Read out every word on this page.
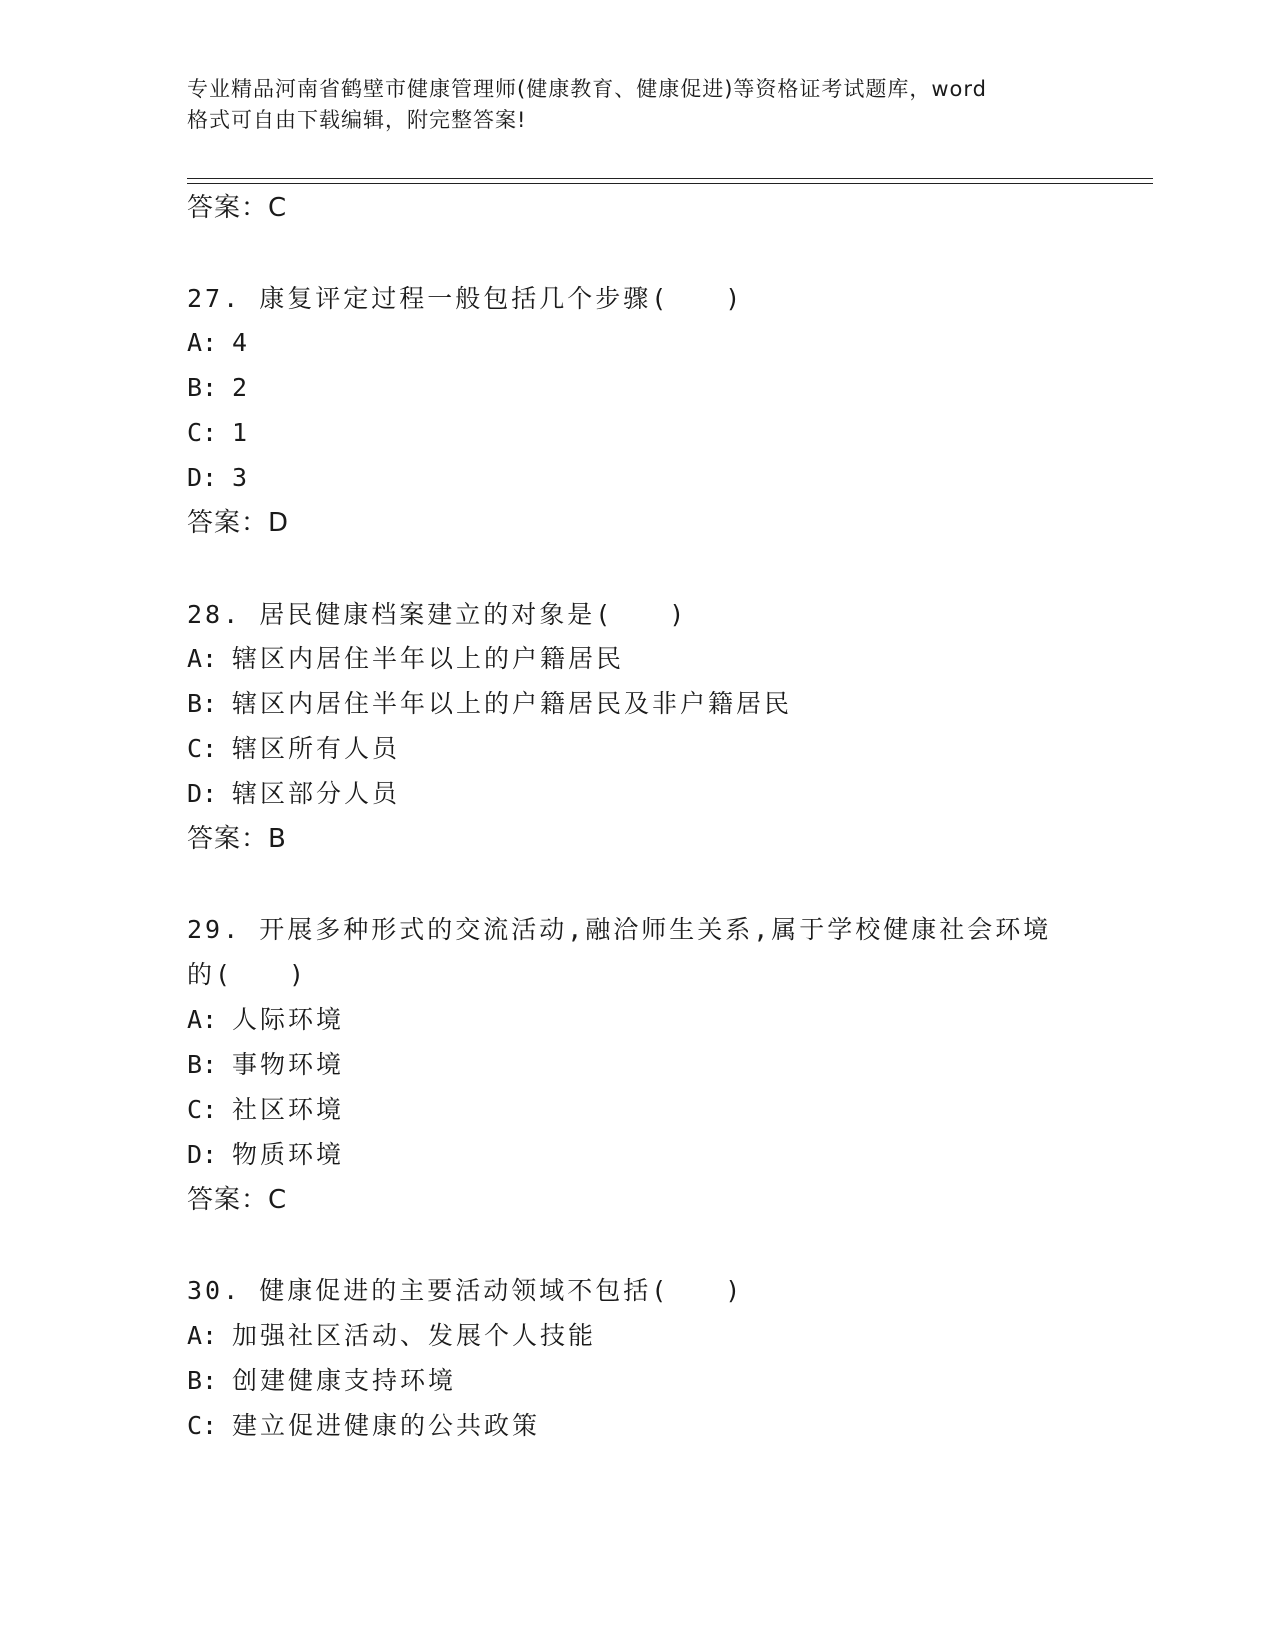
专业精品河南省鹤壁市健康管理师(健康教育、健康促进)等资格证考试题库，word
格式可自由下载编辑，附完整答案!
答案：C
27. 康复评定过程一般包括几个步骤(　　)
A: 4
B: 2
C: 1
D: 3
答案：D
28. 居民健康档案建立的对象是(　　)
A: 辖区内居住半年以上的户籍居民
B: 辖区内居住半年以上的户籍居民及非户籍居民
C: 辖区所有人员
D: 辖区部分人员
答案：B
29. 开展多种形式的交流活动,融洽师生关系,属于学校健康社会环境
的(　　)
A: 人际环境
B: 事物环境
C: 社区环境
D: 物质环境
答案：C
30. 健康促进的主要活动领域不包括(　　)
A: 加强社区活动、发展个人技能
B: 创建健康支持环境
C: 建立促进健康的公共政策
